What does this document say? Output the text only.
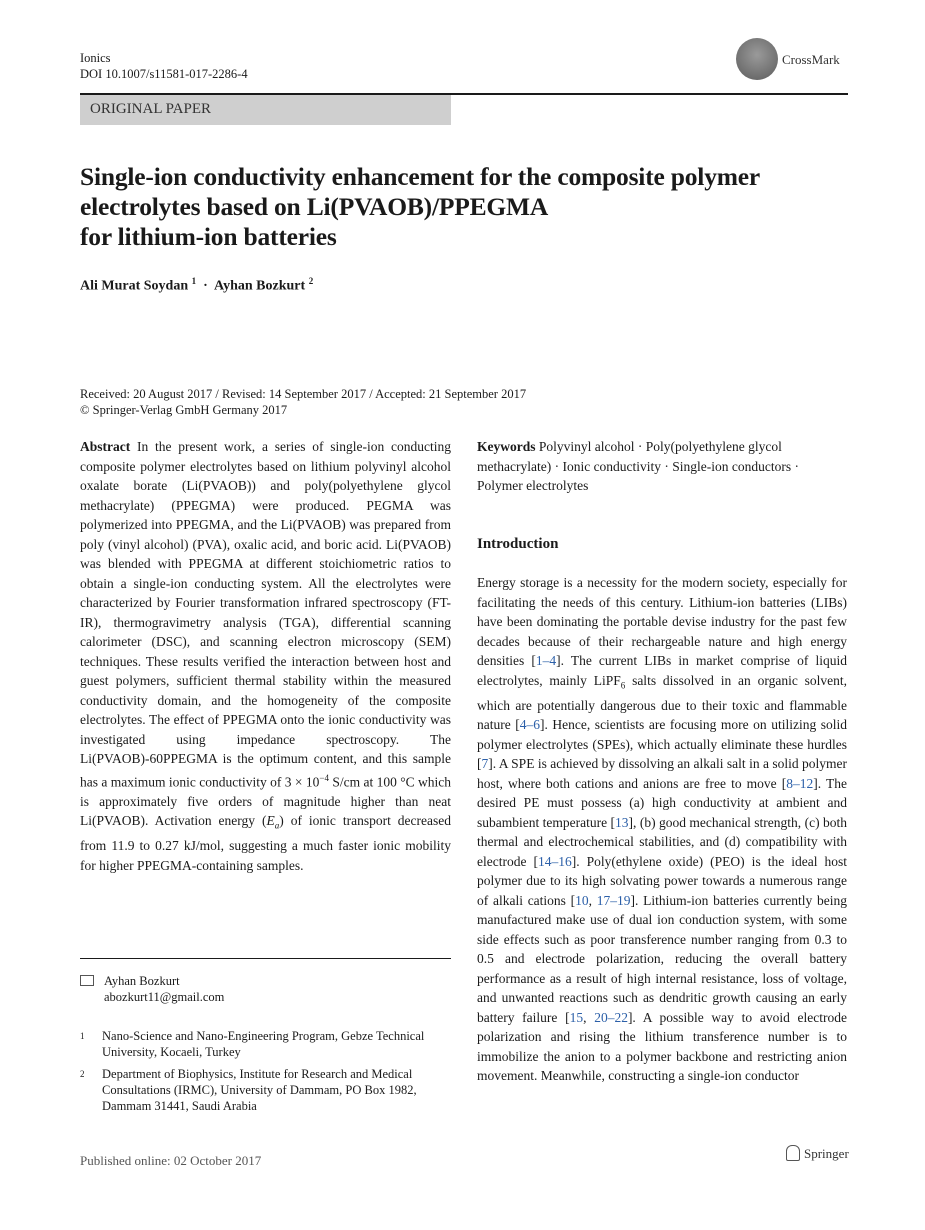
Ionics
DOI 10.1007/s11581-017-2286-4
CrossMark
ORIGINAL PAPER
Single-ion conductivity enhancement for the composite polymer
electrolytes based on Li(PVAOB)/PPEGMA
for lithium-ion batteries
Ali Murat Soydan $^1$  ·  Ayhan Bozkurt $^2$
Received: 20 August 2017 / Revised: 14 September 2017 / Accepted: 21 September 2017
© Springer-Verlag GmbH Germany 2017
Abstract In the present work, a series of single-ion conducting composite polymer electrolytes based on lithium polyvinyl alcohol oxalate borate (Li(PVAOB)) and poly(polyethylene glycol methacrylate) (PPEGMA) were produced. PEGMA was polymerized into PPEGMA, and the Li(PVAOB) was prepared from poly (vinyl alcohol) (PVA), oxalic acid, and boric acid. Li(PVAOB) was blended with PPEGMA at different stoichiometric ratios to obtain a single-ion conducting system. All the electrolytes were characterized by Fourier transformation infrared spectroscopy (FT-IR), thermogravimetry analysis (TGA), differential scanning calorimeter (DSC), and scanning electron microscopy (SEM) techniques. These results verified the interaction between host and guest polymers, sufficient thermal stability within the measured conductivity domain, and the homogeneity of the composite electrolytes. The effect of PPEGMA onto the ionic conductivity was investigated using impedance spectroscopy. The Li(PVAOB)-60PPEGMA is the optimum content, and this sample has a maximum ionic conductivity of $3 \times 10^{-4}$ S/cm at 100 °C which is approximately five orders of magnitude higher than neat Li(PVAOB). Activation energy $(E_a)$ of ionic transport decreased from 11.9 to 0.27 kJ/mol, suggesting a much faster ionic mobility for higher PPEGMA-containing samples.
Keywords Polyvinyl alcohol · Poly(polyethylene glycol methacrylate) · Ionic conductivity · Single-ion conductors · Polymer electrolytes
Introduction
Energy storage is a necessity for the modern society, especially for facilitating the needs of this century. Lithium-ion batteries (LIBs) have been dominating the portable devise industry for the past few decades because of their rechargeable nature and high energy densities [1–4]. The current LIBs in market comprise of liquid electrolytes, mainly LiPF$_6$ salts dissolved in an organic solvent, which are potentially dangerous due to their toxic and flammable nature [4–6]. Hence, scientists are focusing more on utilizing solid polymer electrolytes (SPEs), which actually eliminate these hurdles [7]. A SPE is achieved by dissolving an alkali salt in a solid polymer host, where both cations and anions are free to move [8–12]. The desired PE must possess (a) high conductivity at ambient and subambient temperature [13], (b) good mechanical strength, (c) both thermal and electrochemical stabilities, and (d) compatibility with electrode [14–16]. Poly(ethylene oxide) (PEO) is the ideal host polymer due to its high solvating power towards a numerous range of alkali cations [10, 17–19]. Lithium-ion batteries currently being manufactured make use of dual ion conduction system, with some side effects such as poor transference number ranging from 0.3 to 0.5 and electrode polarization, reducing the overall battery performance as a result of high internal resistance, loss of voltage, and unwanted reactions such as dendritic growth causing an early battery failure [15, 20–22]. A possible way to avoid electrode polarization and rising the lithium transference number is to immobilize the anion to a polymer backbone and restricting anion movement. Meanwhile, constructing a single-ion conductor
Ayhan Bozkurt
abozkurt11@gmail.com
1 Nano-Science and Nano-Engineering Program, Gebze Technical University, Kocaeli, Turkey
2 Department of Biophysics, Institute for Research and Medical Consultations (IRMC), University of Dammam, PO Box 1982, Dammam 31441, Saudi Arabia
Published online: 02 October 2017	Springer
